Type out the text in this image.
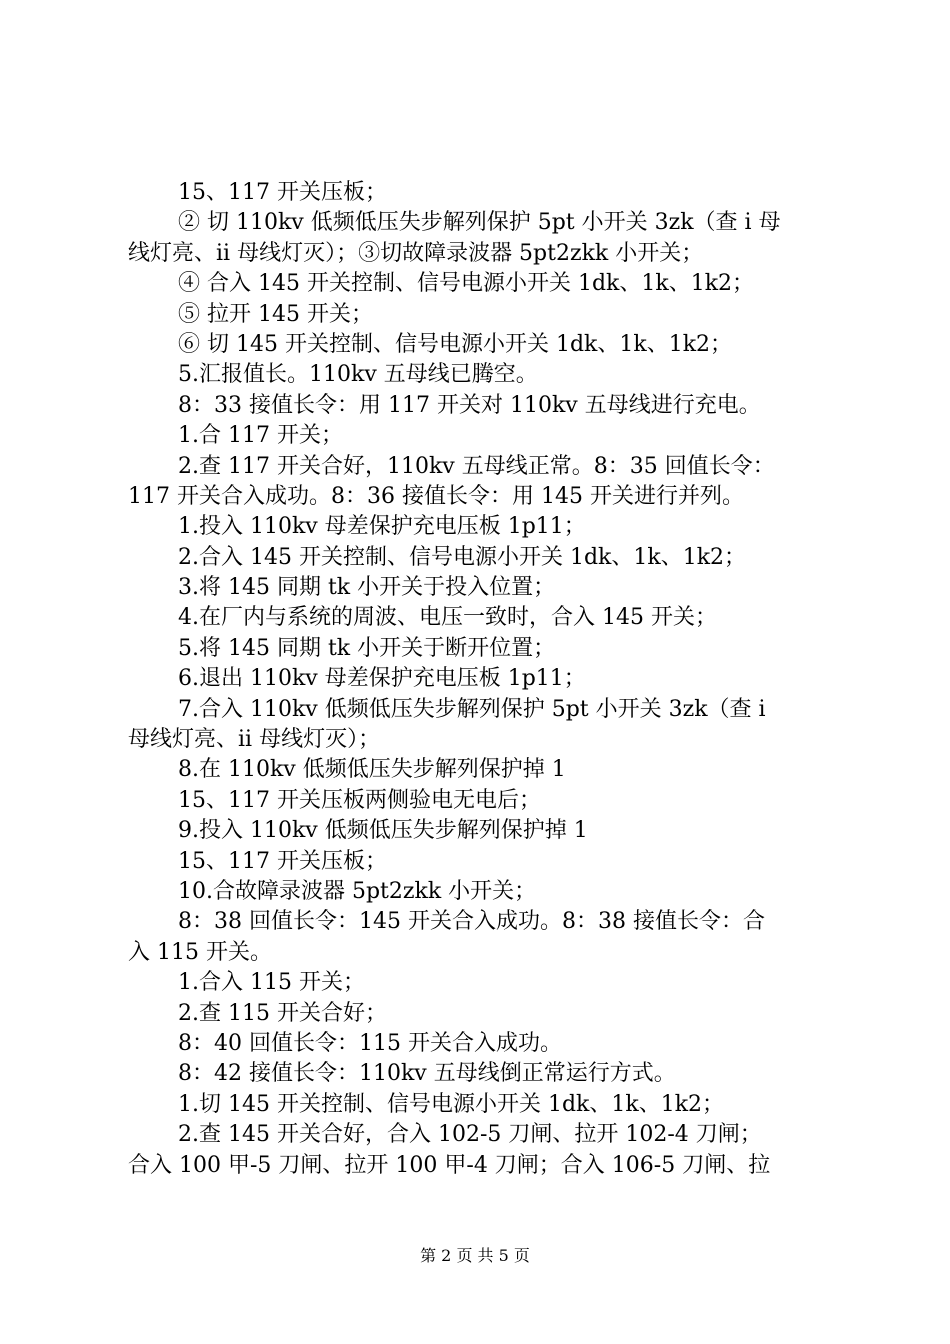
15、117 开关压板；
② 切 110kv 低频低压失步解列保护 5pt 小开关 3zk（查 i 母
线灯亮、ii 母线灯灭）；③切故障录波器 5pt2zkk 小开关；
④ 合入 145 开关控制、信号电源小开关 1dk、1k、1k2；
⑤ 拉开 145 开关；
⑥ 切 145 开关控制、信号电源小开关 1dk、1k、1k2；
5.汇报值长。110kv 五母线已腾空。
8：33 接值长令：用 117 开关对 110kv 五母线进行充电。
1.合 117 开关；
2.查 117 开关合好，110kv 五母线正常。8：35 回值长令：
117 开关合入成功。8：36 接值长令：用 145 开关进行并列。
1.投入 110kv 母差保护充电压板 1p11；
2.合入 145 开关控制、信号电源小开关 1dk、1k、1k2；
3.将 145 同期 tk 小开关于投入位置；
4.在厂内与系统的周波、电压一致时，合入 145 开关；
5.将 145 同期 tk 小开关于断开位置；
6.退出 110kv 母差保护充电压板 1p11；
7.合入 110kv 低频低压失步解列保护 5pt 小开关 3zk（查 i
母线灯亮、ii 母线灯灭）；
8.在 110kv 低频低压失步解列保护掉 1
15、117 开关压板两侧验电无电后；
9.投入 110kv 低频低压失步解列保护掉 1
15、117 开关压板；
10.合故障录波器 5pt2zkk 小开关；
8：38 回值长令：145 开关合入成功。8：38 接值长令：合
入 115 开关。
1.合入 115 开关；
2.查 115 开关合好；
8：40 回值长令：115 开关合入成功。
8：42 接值长令：110kv 五母线倒正常运行方式。
1.切 145 开关控制、信号电源小开关 1dk、1k、1k2；
2.查 145 开关合好，合入 102-5 刀闸、拉开 102-4 刀闸；
合入 100 甲-5 刀闸、拉开 100 甲-4 刀闸；合入 106-5 刀闸、拉
第 2 页 共 5 页
